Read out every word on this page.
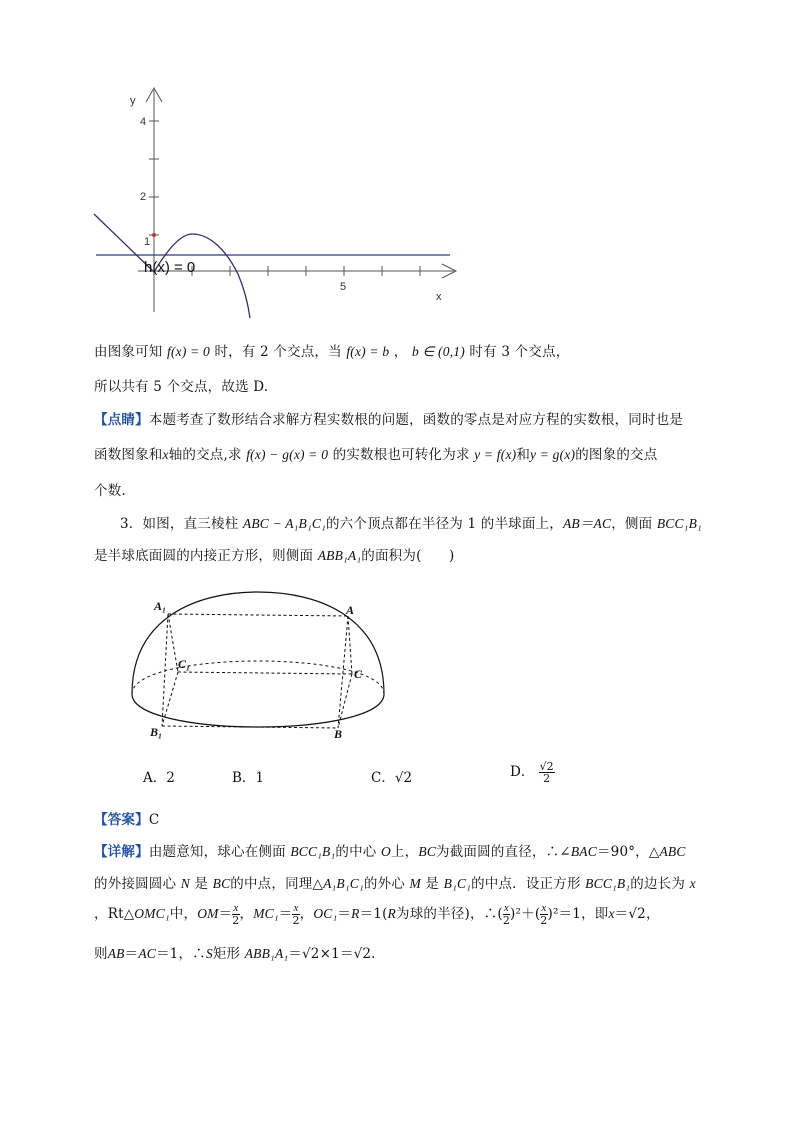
y
x
4
2
1
5
h(x) = 0
由图象可知 f(x) = 0 时，有 2 个交点，当 f(x) = b ， b ∈ (0,1) 时有 3 个交点，
所以共有 5 个交点，故选 D.
【点睛】本题考查了数形结合求解方程实数根的问题，函数的零点是对应方程的实数根，同时也是
函数图象和x轴的交点,求 f(x) − g(x) = 0 的实数根也可转化为求 y = f(x)和y = g(x)的图象的交点
个数.
3．如图，直三棱柱 ABC − A₁B₁C₁的六个顶点都在半径为 1 的半球面上，AB＝AC，侧面 BCC₁B₁
是半球底面圆的内接正方形，则侧面 ABB₁A₁的面积为(　　)
A₁	A
C₁
C
B₁	B
A．2	B．1	C．√2	D． $\frac{√2}{2}$
【答案】C
【详解】由题意知，球心在侧面 BCC₁B₁的中心 O上，BC为截面圆的直径，∴∠BAC＝90°，△ABC
的外接圆圆心 N 是 BC的中点，同理△A₁B₁C₁的外心 M 是 B₁C₁的中点．设正方形 BCC₁B₁的边长为 x
，Rt△OMC₁中，$OM= \frac{x}{2}$ ，$MC_1= \frac{x}{2}$ ，OC₁＝R＝1(R为球的半径)，∴( $\frac{x}{2} )^2+( \frac{x}{2} )^2=1$，即x＝√2，
则AB＝AC＝1，∴S矩形 ABB₁A₁＝√2×1＝√2.
